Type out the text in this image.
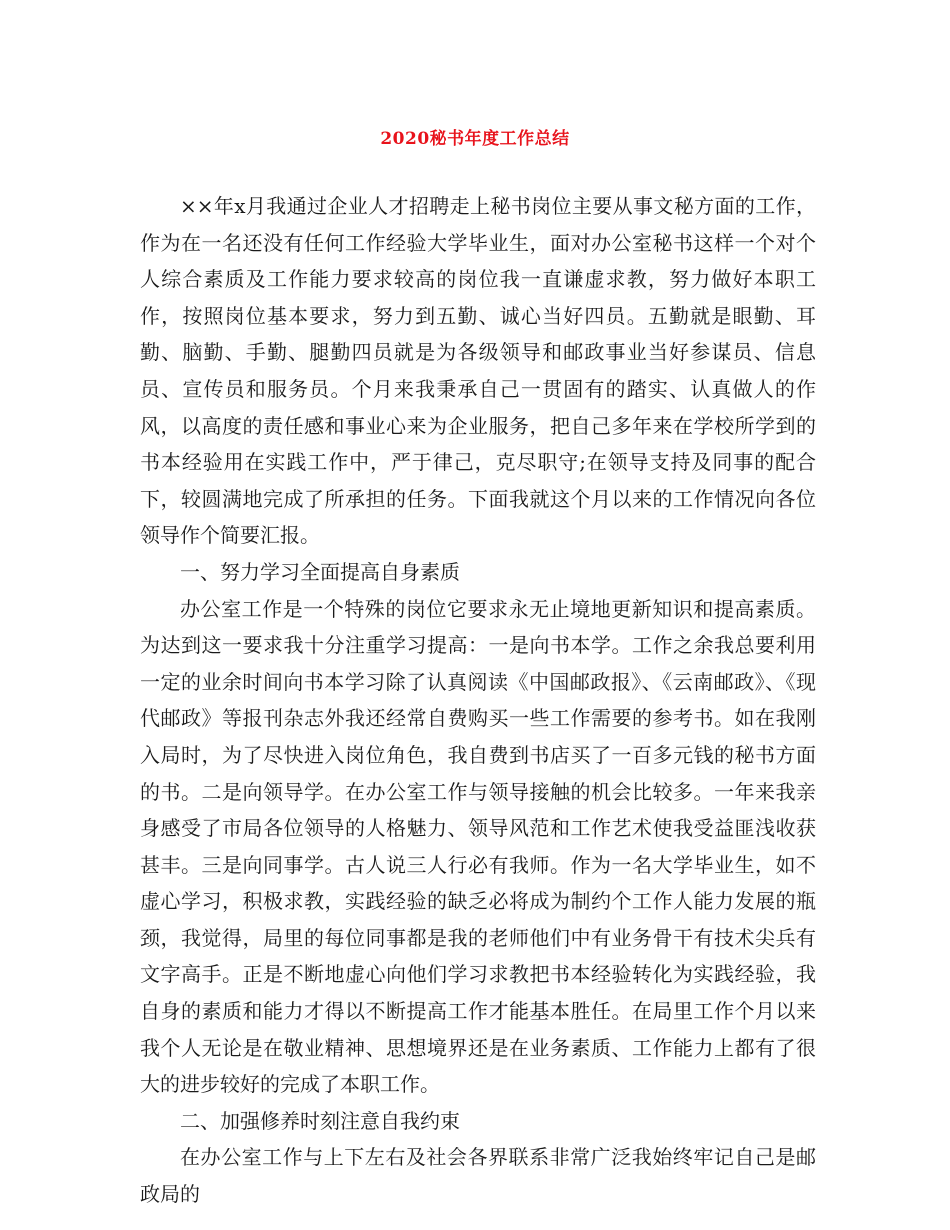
2020秘书年度工作总结

××年x月我通过企业人才招聘走上秘书岗位主要从事文秘方面的工作，作为在一名还没有任何工作经验大学毕业生，面对办公室秘书这样一个对个人综合素质及工作能力要求较高的岗位我一直谦虚求教，努力做好本职工作，按照岗位基本要求，努力到五勤、诚心当好四员。五勤就是眼勤、耳勤、脑勤、手勤、腿勤四员就是为各级领导和邮政事业当好参谋员、信息员、宣传员和服务员。个月来我秉承自己一贯固有的踏实、认真做人的作风，以高度的责任感和事业心来为企业服务，把自己多年来在学校所学到的书本经验用在实践工作中，严于律己，克尽职守;在领导支持及同事的配合下，较圆满地完成了所承担的任务。下面我就这个月以来的工作情况向各位领导作个简要汇报。

一、努力学习全面提高自身素质

办公室工作是一个特殊的岗位它要求永无止境地更新知识和提高素质。为达到这一要求我十分注重学习提高：一是向书本学。工作之余我总要利用一定的业余时间向书本学习除了认真阅读《中国邮政报》、《云南邮政》、《现代邮政》等报刊杂志外我还经常自费购买一些工作需要的参考书。如在我刚入局时，为了尽快进入岗位角色，我自费到书店买了一百多元钱的秘书方面的书。二是向领导学。在办公室工作与领导接触的机会比较多。一年来我亲身感受了市局各位领导的人格魅力、领导风范和工作艺术使我受益匪浅收获甚丰。三是向同事学。古人说三人行必有我师。作为一名大学毕业生，如不虚心学习，积极求教，实践经验的缺乏必将成为制约个工作人能力发展的瓶颈，我觉得，局里的每位同事都是我的老师他们中有业务骨干有技术尖兵有文字高手。正是不断地虚心向他们学习求教把书本经验转化为实践经验，我自身的素质和能力才得以不断提高工作才能基本胜任。在局里工作个月以来我个人无论是在敬业精神、思想境界还是在业务素质、工作能力上都有了很大的进步较好的完成了本职工作。

二、加强修养时刻注意自我约束

在办公室工作与上下左右及社会各界联系非常广泛我始终牢记自己是邮政局的
